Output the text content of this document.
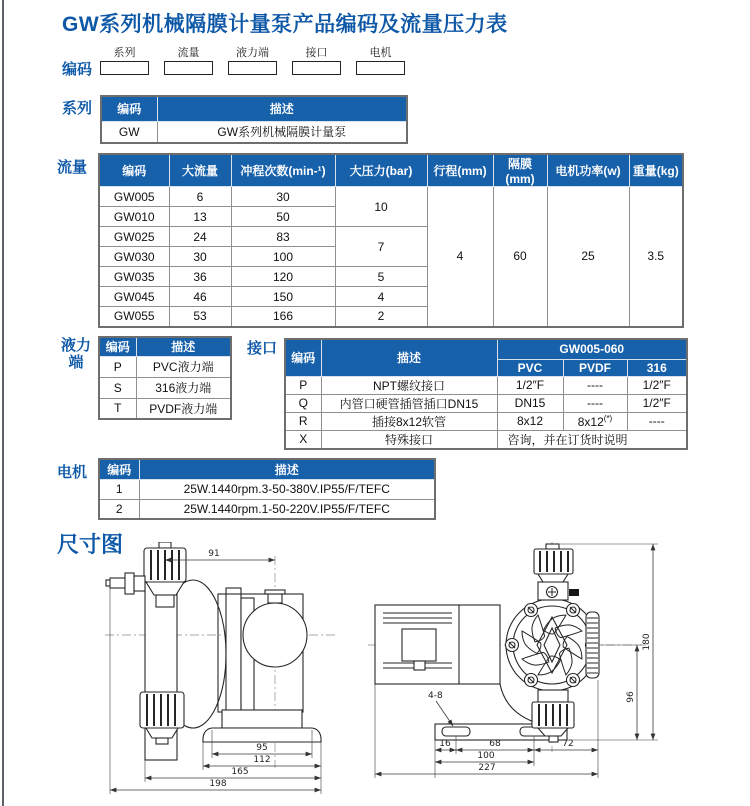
GW系列机械隔膜计量泵产品编码及流量压力表
编码
系列	流量	液力端	接口	电机
系列 编码	描述
GW	GW系列机械隔膜计量泵
流量	编码	大流量	冲程次数(min-¹)	大压力(bar)	行程(mm)	隔膜(mm)	电机功率(w)	重量(kg)
GW005	6	30	10	4	60	25	3.5
GW010	13	50					
GW025	24	83	7				
GW030	30	100					
GW035	36	120	5				
GW045	46	150	4				
GW055	53	166	2				
液力
端
编码	描述
P	PVC液力端
S	316液力端
T	PVDF液力端
接口
编码	描述	GW005-060		
		PVC	PVDF	316
P	NPT螺纹接口	1/2″F	----	1/2″F
Q	内管口硬管插管插口DN15	DN15	----	1/2″F
R	插接8x12软管	8x12	8x12(*)	----
X	特殊接口	咨询，并在订货时说明		
电机 编码	描述
1	25W.1440rpm.3-50-380V.IP55/F/TEFC
2	25W.1440rpm.1-50-220V.IP55/F/TEFC
尺寸图	91
95
112
165
198
4-8
16	68	72
100
227
96
180
